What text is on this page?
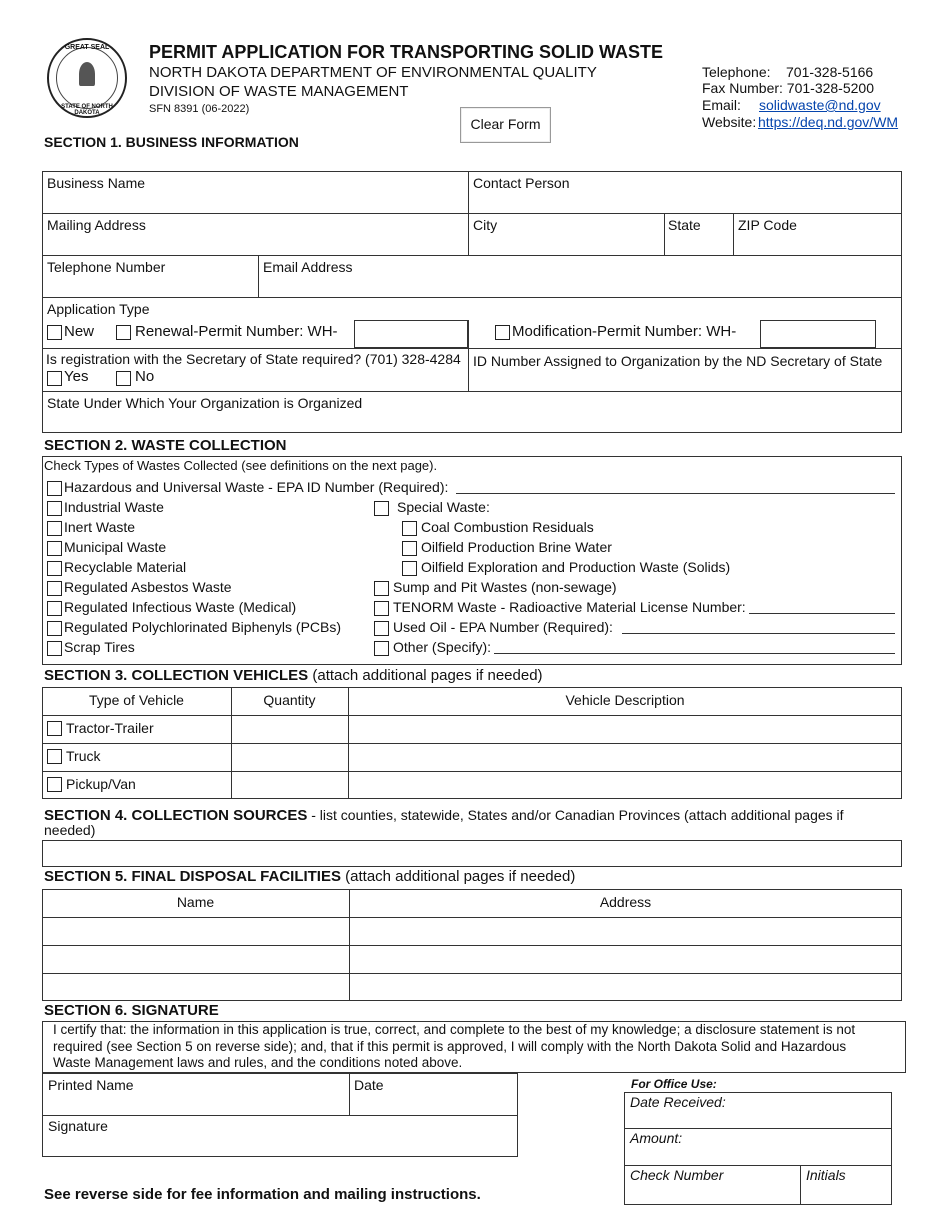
GREAT SEAL
STATE OF NORTH DAKOTA
PERMIT APPLICATION FOR TRANSPORTING SOLID WASTE
NORTH DAKOTA DEPARTMENT OF ENVIRONMENTAL QUALITY
DIVISION OF WASTE MANAGEMENT
SFN 8391 (06-2022)
Clear Form
Telephone: 701-328-5166
Fax Number: 701-328-5200
Email: solidwaste@nd.gov
Website: https://deq.nd.gov/WM
SECTION 1. BUSINESS INFORMATION
Business Name	Contact Person
Mailing Address	City	State	ZIP Code
Telephone Number	Email Address
Application Type
New	Renewal-Permit Number: WH-	Modification-Permit Number: WH-
Is registration with the Secretary of State required? (701) 328-4284
Yes	No
ID Number Assigned to Organization by the ND Secretary of State
State Under Which Your Organization is Organized
SECTION 2. WASTE COLLECTION
Check Types of Wastes Collected (see definitions on the next page).
Hazardous and Universal Waste - EPA ID Number (Required):
Industrial Waste
Inert Waste
Municipal Waste
Recyclable Material
Regulated Asbestos Waste
Regulated Infectious Waste (Medical)
Regulated Polychlorinated Biphenyls (PCBs)
Scrap Tires
Special Waste:
Coal Combustion Residuals
Oilfield Production Brine Water
Oilfield Exploration and Production Waste (Solids)
Sump and Pit Wastes (non-sewage)
TENORM Waste - Radioactive Material License Number:
Used Oil - EPA Number (Required):
Other (Specify):
SECTION 3. COLLECTION VEHICLES (attach additional pages if needed)
Type of Vehicle	Quantity	Vehicle Description
Tractor-Trailer
Truck
Pickup/Van
SECTION 4. COLLECTION SOURCES - list counties, statewide, States and/or Canadian Provinces (attach additional pages if
needed)
SECTION 5. FINAL DISPOSAL FACILITIES (attach additional pages if needed)
Name	Address
SECTION 6. SIGNATURE
I certify that: the information in this application is true, correct, and complete to the best of my knowledge; a disclosure statement is not
required (see Section 5 on reverse side); and, that if this permit is approved, I will comply with the North Dakota Solid and Hazardous
Waste Management laws and rules, and the conditions noted above.
Printed Name	Date
Signature
For Office Use:
Date Received:
Amount:
Check Number	Initials
See reverse side for fee information and mailing instructions.
